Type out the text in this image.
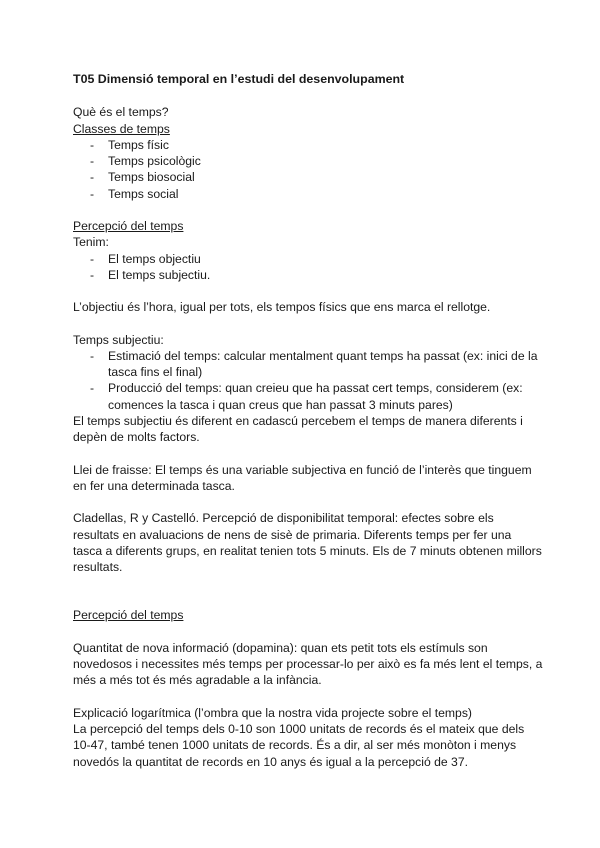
T05 Dimensió temporal en l’estudi del desenvolupament

Què és el temps?

Classes de temps

- Temps físic
- Temps psicològic
- Temps biosocial
- Temps social

Percepció del temps

Tenim:

- El temps objectiu
- El temps subjectiu.

L’objectiu és l’hora, igual per tots, els tempos físics que ens marca el rellotge.

Temps subjectiu:

- Estimació del temps: calcular mentalment quant temps ha passat (ex: inici de la tasca fins el final)
- Producció del temps: quan creieu que ha passat cert temps, considerem (ex: comences la tasca i quan creus que han passat 3 minuts pares)

El temps subjectiu és diferent en cadascú percebem el temps de manera diferents i depèn de molts factors.

Llei de fraisse: El temps és una variable subjectiva en funció de l’interès que tinguem en fer una determinada tasca.

Cladellas, R y Castelló. Percepció de disponibilitat temporal: efectes sobre els resultats en avaluacions de nens de sisè de primaria. Diferents temps per fer una tasca a diferents grups, en realitat tenien tots 5 minuts. Els de 7 minuts obtenen millors resultats.

Percepció del temps

Quantitat de nova informació (dopamina): quan ets petit tots els estímuls son novedosos i necessites més temps per processar-lo per això es fa més lent el temps, a més a més tot és més agradable a la infància.

Explicació logarítmica (l’ombra que la nostra vida projecte sobre el temps)

La percepció del temps dels 0-10 son 1000 unitats de records és el mateix que dels 10-47, també tenen 1000 unitats de records. És a dir, al ser més monòton i menys novedós la quantitat de records en 10 anys és igual a la percepció de 37.
